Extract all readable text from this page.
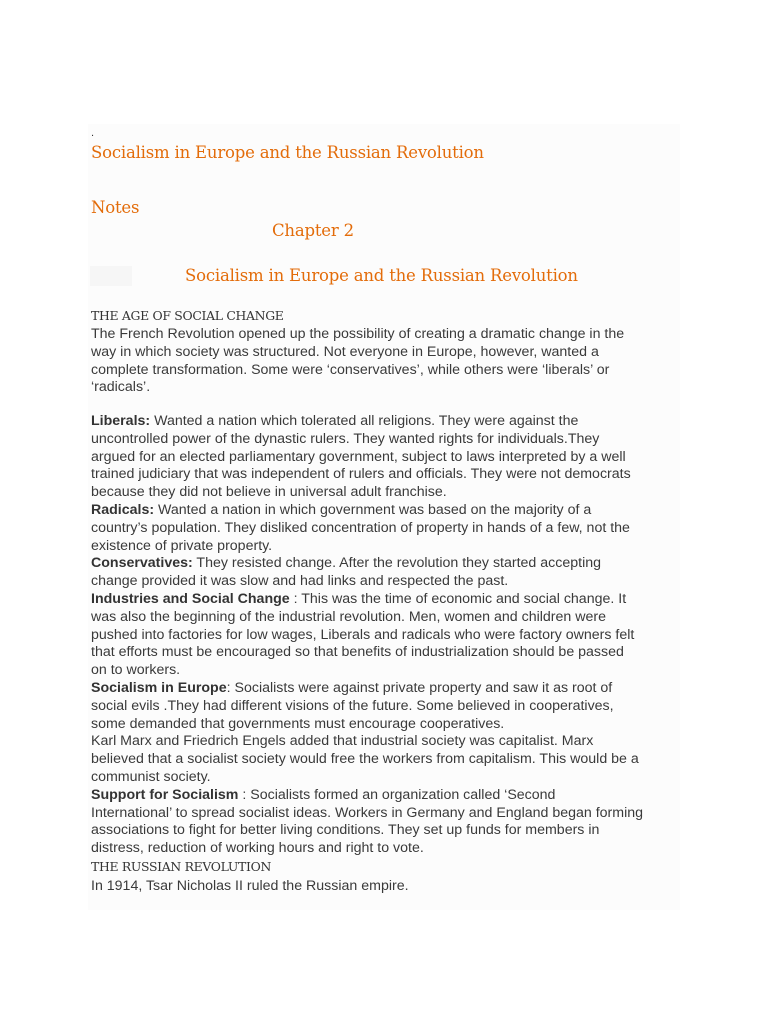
.
Socialism in Europe and the Russian Revolution
Notes
Chapter 2
Socialism in Europe and the Russian Revolution
THE AGE OF SOCIAL CHANGE
The French Revolution opened up the possibility of creating a dramatic change in the
way in which society was structured. Not everyone in Europe, however, wanted a
complete transformation. Some were ‘conservatives’, while others were ‘liberals’ or
‘radicals’.
Liberals: Wanted a nation which tolerated all religions. They were against the
uncontrolled power of the dynastic rulers. They wanted rights for individuals.They
argued for an elected parliamentary government, subject to laws interpreted by a well
trained judiciary that was independent of rulers and officials. They were not democrats
because they did not believe in universal adult franchise.
Radicals: Wanted a nation in which government was based on the majority of a
country’s population. They disliked concentration of property in hands of a few, not the
existence of private property.
Conservatives: They resisted change. After the revolution they started accepting
change provided it was slow and had links and respected the past.
Industries and Social Change : This was the time of economic and social change. It
was also the beginning of the industrial revolution. Men, women and children were
pushed into factories for low wages, Liberals and radicals who were factory owners felt
that efforts must be encouraged so that benefits of industrialization should be passed
on to workers.
Socialism in Europe: Socialists were against private property and saw it as root of
social evils .They had different visions of the future. Some believed in cooperatives,
some demanded that governments must encourage cooperatives.
Karl Marx and Friedrich Engels added that industrial society was capitalist. Marx
believed that a socialist society would free the workers from capitalism. This would be a
communist society.
Support for Socialism : Socialists formed an organization called ‘Second
International’ to spread socialist ideas. Workers in Germany and England began forming
associations to fight for better living conditions. They set up funds for members in
distress, reduction of working hours and right to vote.
THE RUSSIAN REVOLUTION
In 1914, Tsar Nicholas II ruled the Russian empire.
